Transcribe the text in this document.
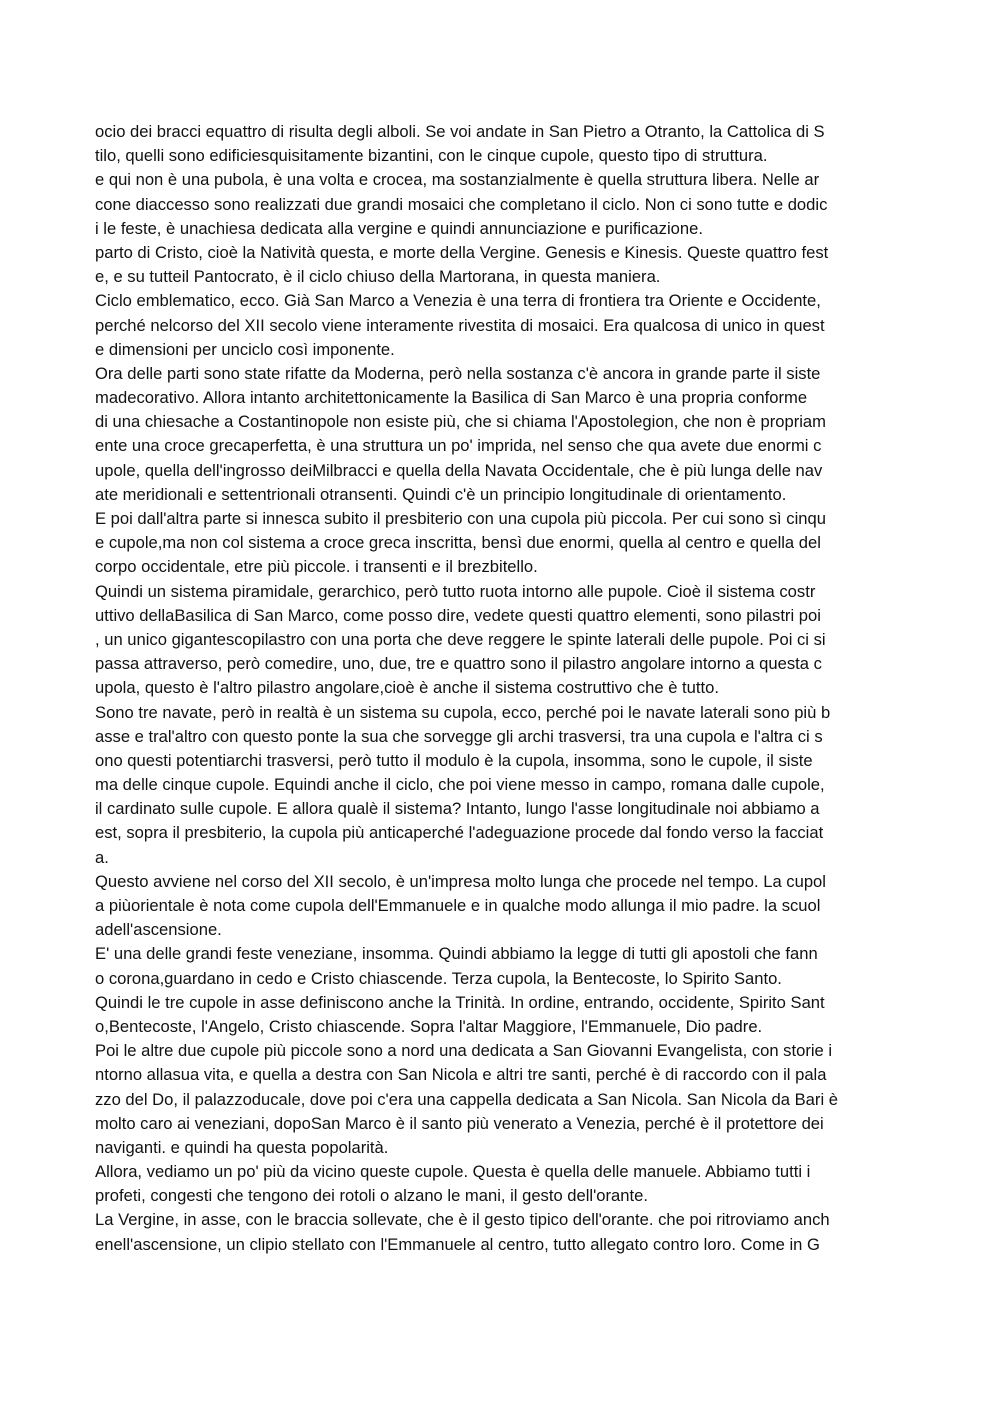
ocio dei bracci equattro di risulta degli alboli. Se voi andate in San Pietro a Otranto, la Cattolica di S
tilo, quelli sono edificiesquisitamente bizantini, con le cinque cupole, questo tipo di struttura.
e qui non è una pubola, è una volta e crocea, ma sostanzialmente è quella struttura libera. Nelle ar
cone diaccesso sono realizzati due grandi mosaici che completano il ciclo. Non ci sono tutte e dodic
i le feste, è unachiesa dedicata alla vergine e quindi annunciazione e purificazione.
parto di Cristo, cioè la Natività questa, e morte della Vergine. Genesis e Kinesis. Queste quattro fest
e, e su tutteil Pantocrato, è il ciclo chiuso della Martorana, in questa maniera.
Ciclo emblematico, ecco. Già San Marco a Venezia è una terra di frontiera tra Oriente e Occidente,
perché nelcorso del XII secolo viene interamente rivestita di mosaici. Era qualcosa di unico in quest
e dimensioni per unciclo così imponente.
Ora delle parti sono state rifatte da Moderna, però nella sostanza c'è ancora in grande parte il siste
madecorativo. Allora intanto architettonicamente la Basilica di San Marco è una propria conforme
di una chiesache a Costantinopole non esiste più, che si chiama l'Apostolegion, che non è propriam
ente una croce grecaperfetta, è una struttura un po' imprida, nel senso che qua avete due enormi c
upole, quella dell'ingrosso deiMilbracci e quella della Navata Occidentale, che è più lunga delle nav
ate meridionali e settentrionali otransenti. Quindi c'è un principio longitudinale di orientamento.
E poi dall'altra parte si innesca subito il presbiterio con una cupola più piccola. Per cui sono sì cinqu
e cupole,ma non col sistema a croce greca inscritta, bensì due enormi, quella al centro e quella del
corpo occidentale, etre più piccole. i transenti e il brezbitello.
Quindi un sistema piramidale, gerarchico, però tutto ruota intorno alle pupole. Cioè il sistema costr
uttivo dellaBasilica di San Marco, come posso dire, vedete questi quattro elementi, sono pilastri poi
, un unico gigantescopilastro con una porta che deve reggere le spinte laterali delle pupole. Poi ci si
passa attraverso, però comedire, uno, due, tre e quattro sono il pilastro angolare intorno a questa c
upola, questo è l'altro pilastro angolare,cioè è anche il sistema costruttivo che è tutto.
Sono tre navate, però in realtà è un sistema su cupola, ecco, perché poi le navate laterali sono più b
asse e tral'altro con questo ponte la sua che sorvegge gli archi trasversi, tra una cupola e l'altra ci s
ono questi potentiarchi trasversi, però tutto il modulo è la cupola, insomma, sono le cupole, il siste
ma delle cinque cupole. Equindi anche il ciclo, che poi viene messo in campo, romana dalle cupole,
il cardinato sulle cupole. E allora qualè il sistema? Intanto, lungo l'asse longitudinale noi abbiamo a
est, sopra il presbiterio, la cupola più anticaperché l'adeguazione procede dal fondo verso la facciat
a.
Questo avviene nel corso del XII secolo, è un'impresa molto lunga che procede nel tempo. La cupol
a piùorientale è nota come cupola dell'Emmanuele e in qualche modo allunga il mio padre. la scuol
adell'ascensione.
E' una delle grandi feste veneziane, insomma. Quindi abbiamo la legge di tutti gli apostoli che fann
o corona,guardano in cedo e Cristo chiascende. Terza cupola, la Bentecoste, lo Spirito Santo.
Quindi le tre cupole in asse definiscono anche la Trinità. In ordine, entrando, occidente, Spirito Sant
o,Bentecoste, l'Angelo, Cristo chiascende. Sopra l'altar Maggiore, l'Emmanuele, Dio padre.
Poi le altre due cupole più piccole sono a nord una dedicata a San Giovanni Evangelista, con storie i
ntorno allasua vita, e quella a destra con San Nicola e altri tre santi, perché è di raccordo con il pala
zzo del Do, il palazzoducale, dove poi c'era una cappella dedicata a San Nicola. San Nicola da Bari è
molto caro ai veneziani, dopoSan Marco è il santo più venerato a Venezia, perché è il protettore dei
naviganti. e quindi ha questa popolarità.
Allora, vediamo un po' più da vicino queste cupole. Questa è quella delle manuele. Abbiamo tutti i
profeti, congesti che tengono dei rotoli o alzano le mani, il gesto dell'orante.
La Vergine, in asse, con le braccia sollevate, che è il gesto tipico dell'orante. che poi ritroviamo anch
enell'ascensione, un clipio stellato con l'Emmanuele al centro, tutto allegato contro loro. Come in G
